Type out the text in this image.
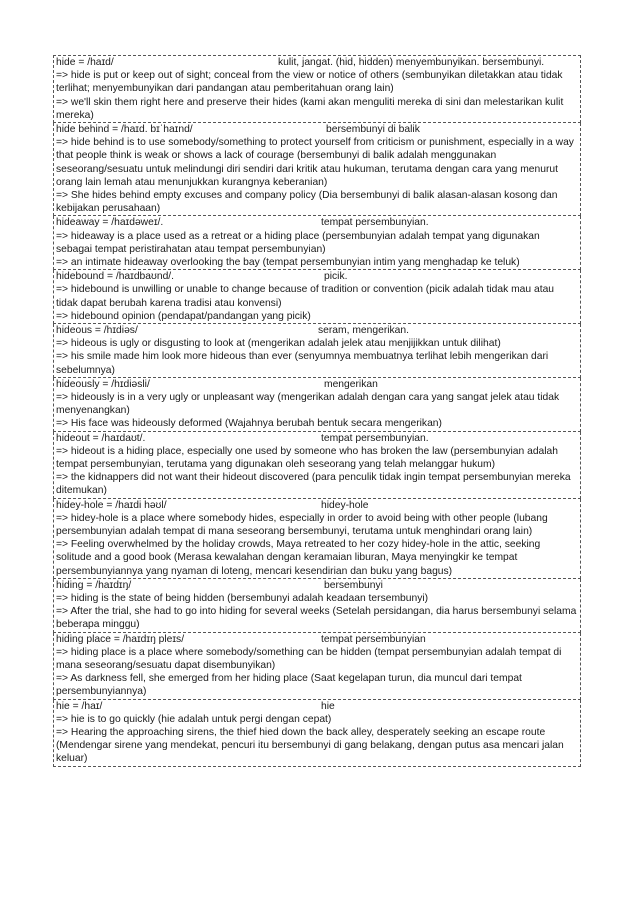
hide = /haɪd/	kulit, jangat. (hid, hidden) menyembunyikan. bersembunyi.
=> hide is put or keep out of sight; conceal from the view or notice of others (sembunyikan diletakkan atau tidak terlihat; menyembunyikan dari pandangan atau pemberitahuan orang lain)
=> we'll skin them right here and preserve their hides (kami akan menguliti mereka di sini dan melestarikan kulit mereka)
hide behind = /haɪd. bɪˈhaɪnd/	bersembunyi di balik
=> hide behind is to use somebody/something to protect yourself from criticism or punishment, especially in a way that people think is weak or shows a lack of courage (bersembunyi di balik adalah menggunakan seseorang/sesuatu untuk melindungi diri sendiri dari kritik atau hukuman, terutama dengan cara yang menurut orang lain lemah atau menunjukkan kurangnya keberanian)
=> She hides behind empty excuses and company policy (Dia bersembunyi di balik alasan-alasan kosong dan kebijakan perusahaan)
hideaway = /haɪdəweɪ/.	tempat persembunyian.
=> hideaway is a place used as a retreat or a hiding place (persembunyian adalah tempat yang digunakan sebagai tempat peristirahatan atau tempat persembunyian)
=> an intimate hideaway overlooking the bay (tempat persembunyian intim yang menghadap ke teluk)
hidebound = /haɪdbaʊnd/.	picik.
=> hidebound is unwilling or unable to change because of tradition or convention (picik adalah tidak mau atau tidak dapat berubah karena tradisi atau konvensi)
=> hidebound opinion (pendapat/pandangan yang picik)
hideous = /hɪdiəs/	seram, mengerikan.
=> hideous is ugly or disgusting to look at (mengerikan adalah jelek atau menjijikkan untuk dilihat)
=> his smile made him look more hideous than ever (senyumnya membuatnya terlihat lebih mengerikan dari sebelumnya)
hideously = /hɪdiəsli/	mengerikan
=> hideously is in a very ugly or unpleasant way (mengerikan adalah dengan cara yang sangat jelek atau tidak menyenangkan)
=> His face was hideously deformed (Wajahnya berubah bentuk secara mengerikan)
hideout = /haɪdaʊt/.	tempat persembunyian.
=> hideout is a hiding place, especially one used by someone who has broken the law (persembunyian adalah tempat persembunyian, terutama yang digunakan oleh seseorang yang telah melanggar hukum)
=> the kidnappers did not want their hideout discovered (para penculik tidak ingin tempat persembunyian mereka ditemukan)
hidey-hole = /haɪdi həʊl/	hidey-hole
=> hidey-hole is a place where somebody hides, especially in order to avoid being with other people (lubang persembunyian adalah tempat di mana seseorang bersembunyi, terutama untuk menghindari orang lain)
=> Feeling overwhelmed by the holiday crowds, Maya retreated to her cozy hidey-hole in the attic, seeking solitude and a good book (Merasa kewalahan dengan keramaian liburan, Maya menyingkir ke tempat persembunyiannya yang nyaman di loteng, mencari kesendirian dan buku yang bagus)
hiding = /haɪdɪŋ/	bersembunyi
=> hiding is the state of being hidden (bersembunyi adalah keadaan tersembunyi)
=> After the trial, she had to go into hiding for several weeks (Setelah persidangan, dia harus bersembunyi selama beberapa minggu)
hiding place = /haɪdɪŋ pleɪs/	tempat persembunyian
=> hiding place is a place where somebody/something can be hidden (tempat persembunyian adalah tempat di mana seseorang/sesuatu dapat disembunyikan)
=> As darkness fell, she emerged from her hiding place (Saat kegelapan turun, dia muncul dari tempat persembunyiannya)
hie = /haɪ/	hie
=> hie is to go quickly (hie adalah untuk pergi dengan cepat)
=> Hearing the approaching sirens, the thief hied down the back alley, desperately seeking an escape route (Mendengar sirene yang mendekat, pencuri itu bersembunyi di gang belakang, dengan putus asa mencari jalan keluar)
